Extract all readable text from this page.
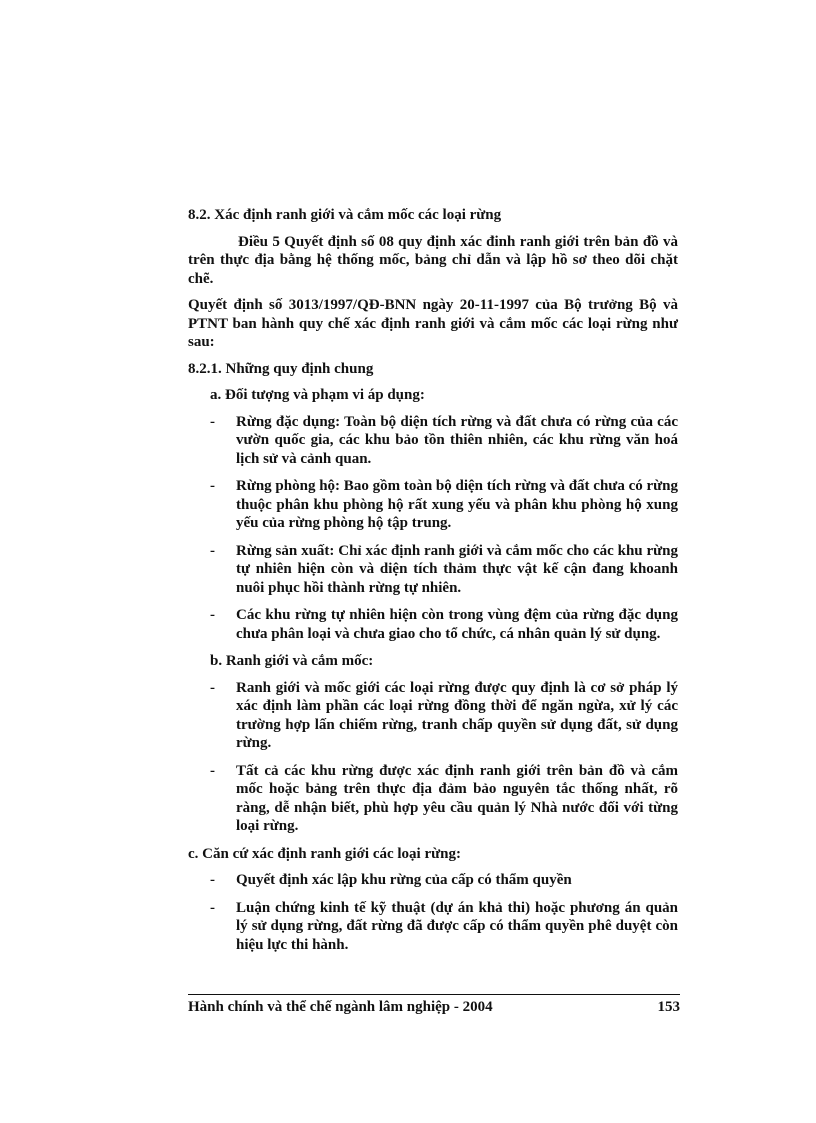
8.2. Xác định ranh giới và cắm mốc các loại rừng

Điều 5 Quyết định số 08 quy định xác đinh ranh giới trên bản đồ và trên thực địa bằng hệ thống mốc, bảng chỉ dẫn và lập hồ sơ theo dõi chặt chẽ.

Quyết định số 3013/1997/QĐ-BNN ngày 20-11-1997 của Bộ trưởng Bộ và PTNT ban hành quy chế xác định ranh giới và cắm mốc các loại rừng như sau:

8.2.1. Những quy định chung
a. Đối tượng và phạm vi áp dụng:
- Rừng đặc dụng: Toàn bộ diện tích rừng và đất chưa có rừng của các vườn quốc gia, các khu bảo tồn thiên nhiên, các khu rừng văn hoá lịch sử và cảnh quan.
- Rừng phòng hộ: Bao gồm toàn bộ diện tích rừng và đất chưa có rừng thuộc phân khu phòng hộ rất xung yếu và phân khu phòng hộ xung yếu của rừng phòng hộ tập trung.
- Rừng sản xuất: Chỉ xác định ranh giới và cắm mốc cho các khu rừng tự nhiên hiện còn và diện tích thảm thực vật kế cận đang khoanh nuôi phục hồi thành rừng tự nhiên.
- Các khu rừng tự nhiên hiện còn trong vùng đệm của rừng đặc dụng chưa phân loại và chưa giao cho tổ chức, cá nhân quản lý sử dụng.
b. Ranh giới và cắm mốc:
- Ranh giới và mốc giới các loại rừng được quy định là cơ sở pháp lý xác định làm phần các loại rừng đồng thời để ngăn ngừa, xử lý các trường hợp lấn chiếm rừng, tranh chấp quyền sử dụng đất, sử dụng rừng.
- Tất cả các khu rừng được xác định ranh giới trên bản đồ và cắm mốc hoặc bảng trên thực địa đảm bảo nguyên tắc thống nhất, rõ ràng, dễ nhận biết, phù hợp yêu cầu quản lý Nhà nước đối với từng loại rừng.
c. Căn cứ xác định ranh giới các loại rừng:
- Quyết định xác lập khu rừng của cấp có thẩm quyền
- Luận chứng kinh tế kỹ thuật (dự án khả thi) hoặc phương án quản lý sử dụng rừng, đất rừng đã được cấp có thẩm quyền phê duyệt còn hiệu lực thi hành.
Hành chính và thể chế ngành lâm nghiệp - 2004	153
